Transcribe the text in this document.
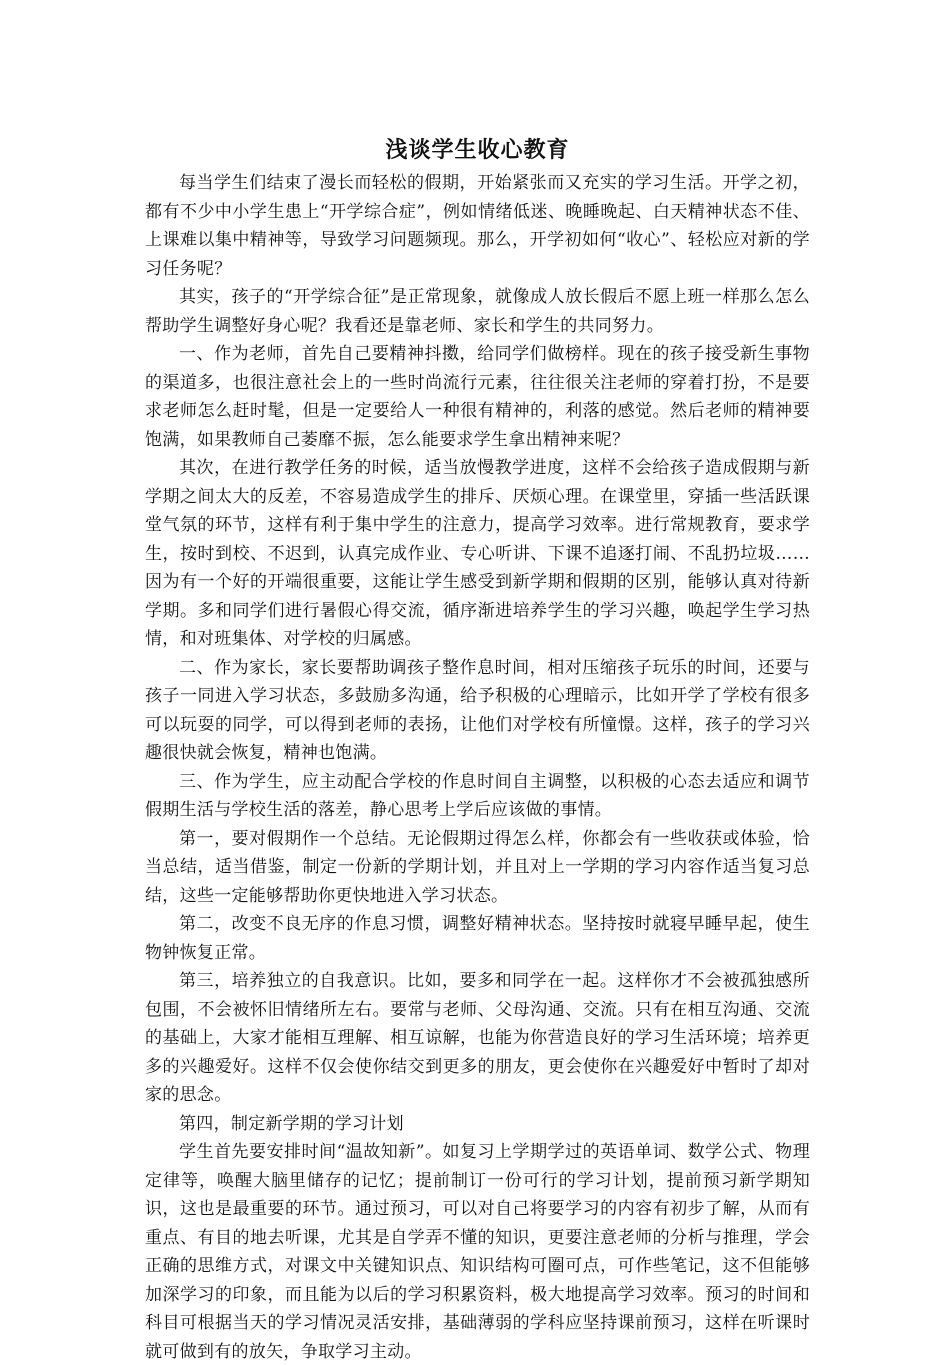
浅谈学生收心教育

每当学生们结束了漫长而轻松的假期，开始紧张而又充实的学习生活。开学之初，都有不少中小学生患上“开学综合症”，例如情绪低迷、晚睡晚起、白天精神状态不佳、上课难以集中精神等，导致学习问题频现。那么，开学初如何“收心”、轻松应对新的学习任务呢？

其实，孩子的“开学综合征”是正常现象，就像成人放长假后不愿上班一样那么怎么帮助学生调整好身心呢？我看还是靠老师、家长和学生的共同努力。

一、作为老师，首先自己要精神抖擞，给同学们做榜样。现在的孩子接受新生事物的渠道多，也很注意社会上的一些时尚流行元素，往往很关注老师的穿着打扮，不是要求老师怎么赶时髦，但是一定要给人一种很有精神的，利落的感觉。然后老师的精神要饱满，如果教师自己萎靡不振，怎么能要求学生拿出精神来呢？

其次，在进行教学任务的时候，适当放慢教学进度，这样不会给孩子造成假期与新学期之间太大的反差，不容易造成学生的排斥、厌烦心理。在课堂里，穿插一些活跃课堂气氛的环节，这样有利于集中学生的注意力，提高学习效率。进行常规教育，要求学生，按时到校、不迟到，认真完成作业、专心听讲、下课不追逐打闹、不乱扔垃圾……因为有一个好的开端很重要，这能让学生感受到新学期和假期的区别，能够认真对待新学期。多和同学们进行暑假心得交流，循序渐进培养学生的学习兴趣，唤起学生学习热情，和对班集体、对学校的归属感。

二、作为家长，家长要帮助调孩子整作息时间，相对压缩孩子玩乐的时间，还要与孩子一同进入学习状态，多鼓励多沟通，给予积极的心理暗示，比如开学了学校有很多可以玩耍的同学，可以得到老师的表扬，让他们对学校有所憧憬。这样，孩子的学习兴趣很快就会恢复，精神也饱满。

三、作为学生，应主动配合学校的作息时间自主调整，以积极的心态去适应和调节假期生活与学校生活的落差，静心思考上学后应该做的事情。

第一，要对假期作一个总结。无论假期过得怎么样，你都会有一些收获或体验，恰当总结，适当借鉴，制定一份新的学期计划，并且对上一学期的学习内容作适当复习总结，这些一定能够帮助你更快地进入学习状态。

第二，改变不良无序的作息习惯，调整好精神状态。坚持按时就寝早睡早起，使生物钟恢复正常。

第三，培养独立的自我意识。比如，要多和同学在一起。这样你才不会被孤独感所包围，不会被怀旧情绪所左右。要常与老师、父母沟通、交流。只有在相互沟通、交流的基础上，大家才能相互理解、相互谅解，也能为你营造良好的学习生活环境；培养更多的兴趣爱好。这样不仅会使你结交到更多的朋友，更会使你在兴趣爱好中暂时了却对家的思念。

第四，制定新学期的学习计划

学生首先要安排时间“温故知新”。如复习上学期学过的英语单词、数学公式、物理定律等，唤醒大脑里储存的记忆；提前制订一份可行的学习计划，提前预习新学期知识，这也是最重要的环节。通过预习，可以对自己将要学习的内容有初步了解，从而有重点、有目的地去听课，尤其是自学弄不懂的知识，更要注意老师的分析与推理，学会正确的思维方式，对课文中关键知识点、知识结构可圈可点，可作些笔记，这不但能够加深学习的印象，而且能为以后的学习积累资料，极大地提高学习效率。预习的时间和科目可根据当天的学习情况灵活安排，基础薄弱的学科应坚持课前预习，这样在听课时就可做到有的放矢，争取学习主动。
